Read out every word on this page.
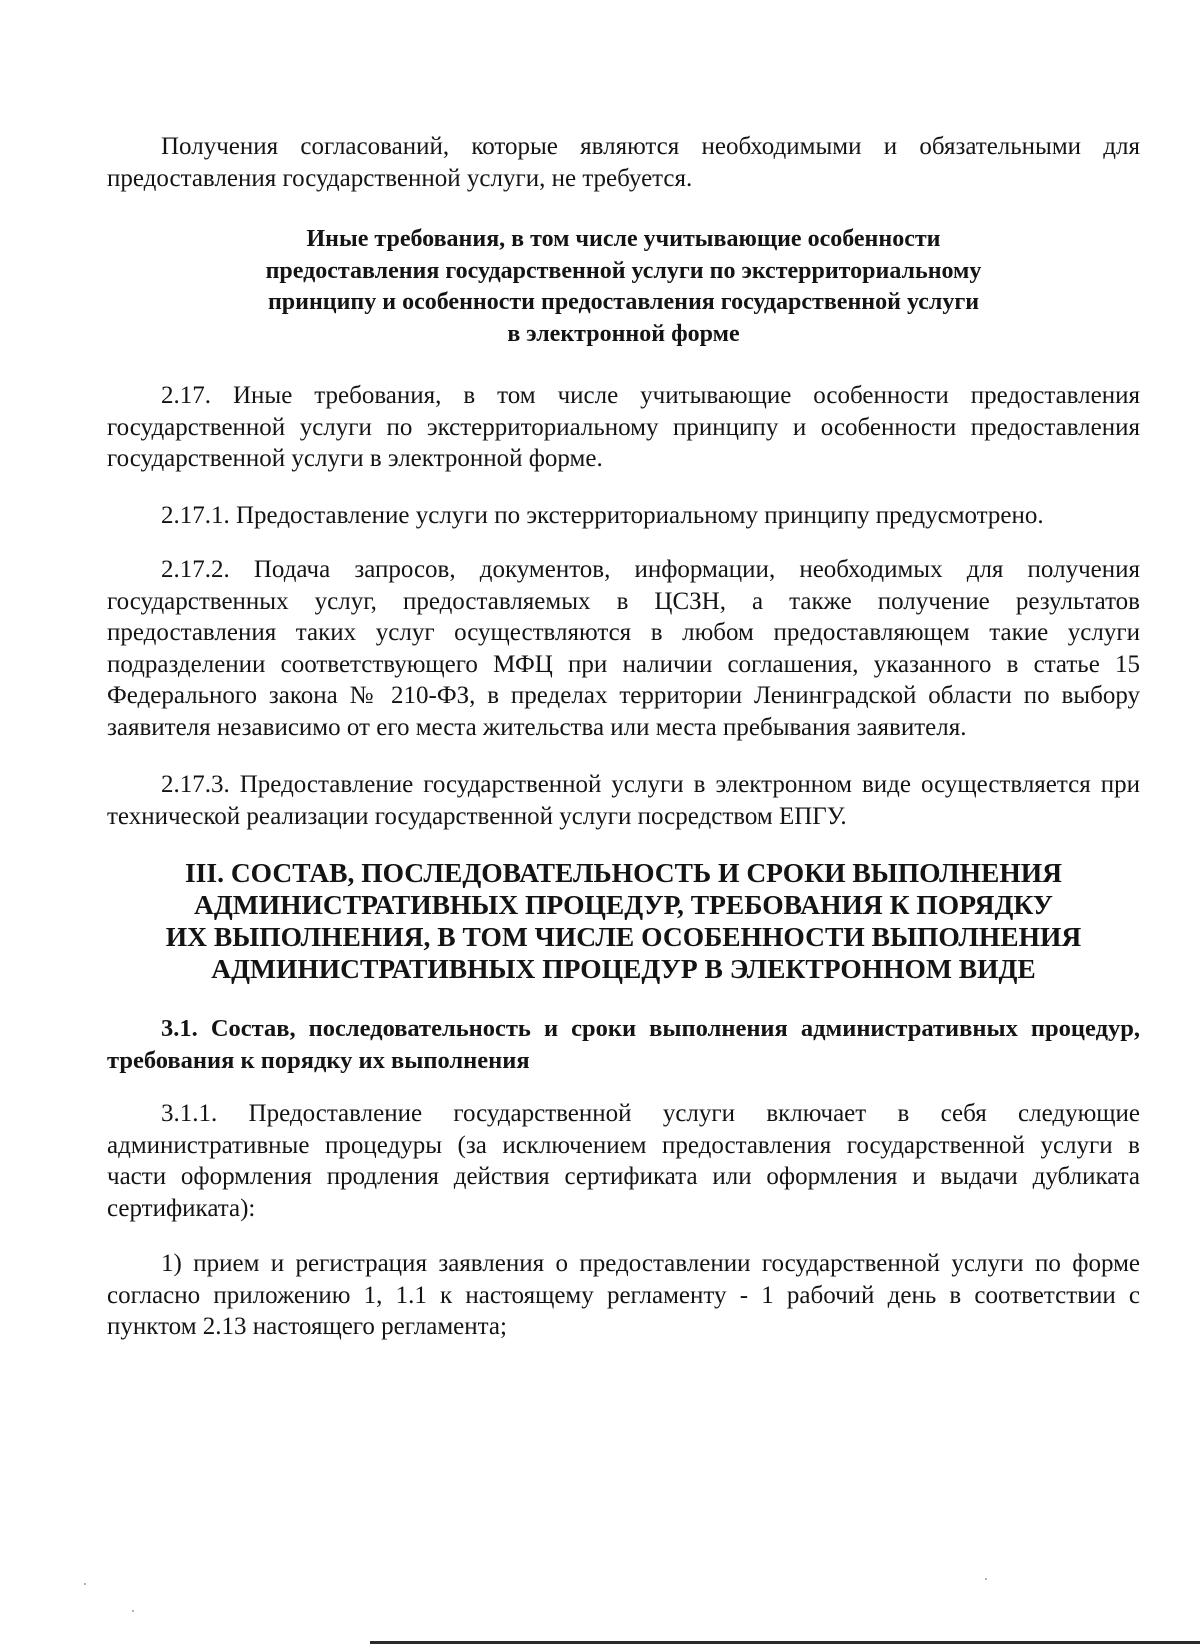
Получения согласований, которые являются необходимыми и обязательными для предоставления государственной услуги, не требуется.

Иные требования, в том числе учитывающие особенности

предоставления государственной услуги по экстерриториальному

принципу и особенности предоставления государственной услуги

в электронной форме

2.17. Иные требования, в том числе учитывающие особенности предоставления государственной услуги по экстерриториальному принципу и особенности предоставления государственной услуги в электронной форме.

2.17.1. Предоставление услуги по экстерриториальному принципу предусмотрено.

2.17.2. Подача запросов, документов, информации, необходимых для получения государственных услуг, предоставляемых в ЦСЗН, а также получение результатов предоставления таких услуг осуществляются в любом предоставляющем такие услуги подразделении соответствующего МФЦ при наличии соглашения, указанного в статье 15 Федерального закона № 210-ФЗ, в пределах территории Ленинградской области по выбору заявителя независимо от его места жительства или места пребывания заявителя.

2.17.3. Предоставление государственной услуги в электронном виде осуществляется при технической реализации государственной услуги посредством ЕПГУ.

III. СОСТАВ, ПОСЛЕДОВАТЕЛЬНОСТЬ И СРОКИ ВЫПОЛНЕНИЯ

АДМИНИСТРАТИВНЫХ ПРОЦЕДУР, ТРЕБОВАНИЯ К ПОРЯДКУ

ИХ ВЫПОЛНЕНИЯ, В ТОМ ЧИСЛЕ ОСОБЕННОСТИ ВЫПОЛНЕНИЯ

АДМИНИСТРАТИВНЫХ ПРОЦЕДУР В ЭЛЕКТРОННОМ ВИДЕ

3.1. Состав, последовательность и сроки выполнения административных процедур, требования к порядку их выполнения

3.1.1. Предоставление государственной услуги включает в себя следующие административные процедуры (за исключением предоставления государственной услуги в части оформления продления действия сертификата или оформления и выдачи дубликата сертификата):

1) прием и регистрация заявления о предоставлении государственной услуги по форме согласно приложению 1, 1.1 к настоящему регламенту - 1 рабочий день в соответствии с пунктом 2.13 настоящего регламента;
